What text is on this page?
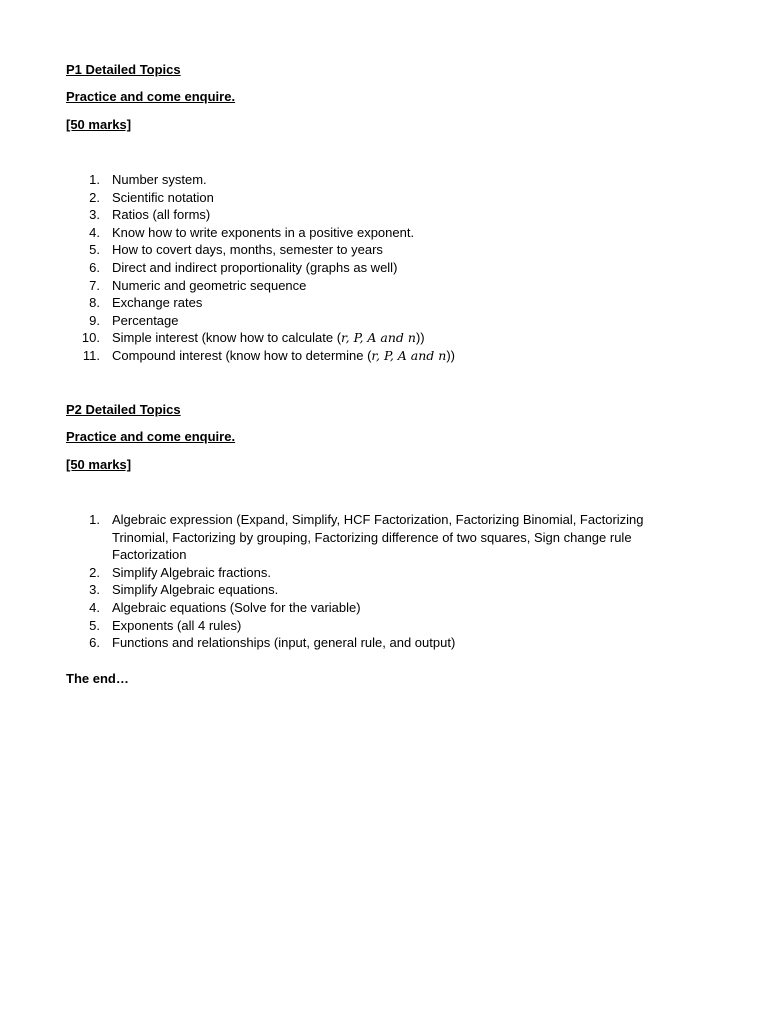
P1 Detailed Topics

Practice and come enquire.

[50 marks]

1. Number system.
2. Scientific notation
3. Ratios (all forms)
4. Know how to write exponents in a positive exponent.
5. How to covert days, months, semester to years
6. Direct and indirect proportionality (graphs as well)
7. Numeric and geometric sequence
8. Exchange rates
9. Percentage
10. Simple interest (know how to calculate (r, P, A and n))
11. Compound interest (know how to determine (r, P, A and n))

P2 Detailed Topics

Practice and come enquire.

[50 marks]

1. Algebraic expression (Expand, Simplify, HCF Factorization, Factorizing Binomial, Factorizing Trinomial, Factorizing by grouping, Factorizing difference of two squares, Sign change rule Factorization
2. Simplify Algebraic fractions.
3. Simplify Algebraic equations.
4. Algebraic equations (Solve for the variable)
5. Exponents (all 4 rules)
6. Functions and relationships (input, general rule, and output)

The end…
